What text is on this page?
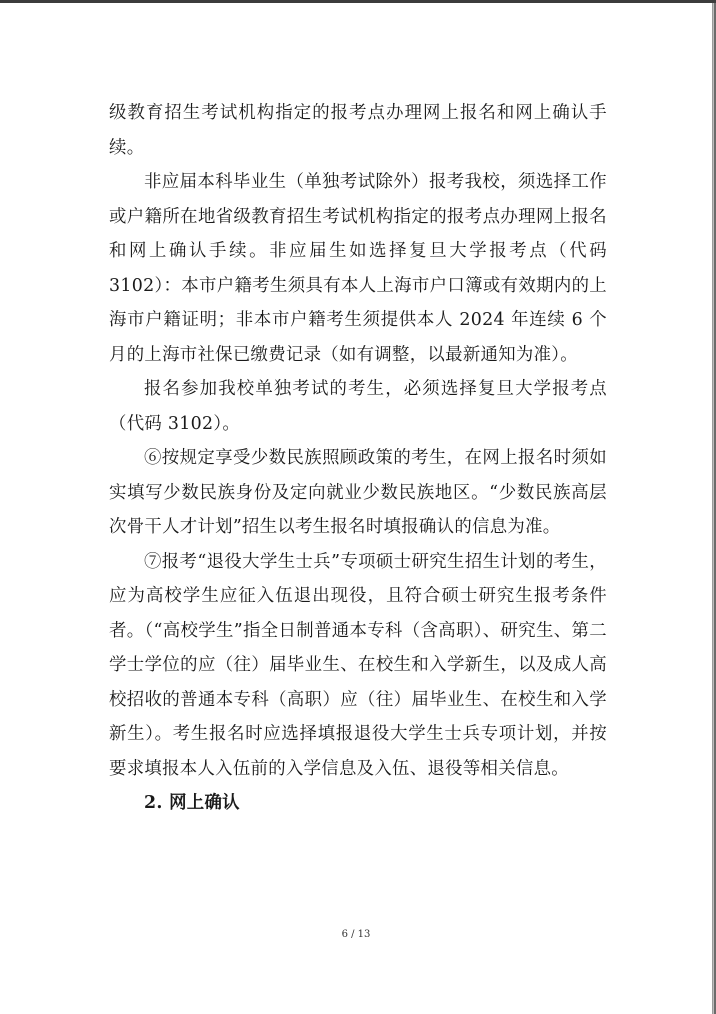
级教育招生考试机构指定的报考点办理网上报名和网上确认手续。

非应届本科毕业生（单独考试除外）报考我校，须选择工作或户籍所在地省级教育招生考试机构指定的报考点办理网上报名和网上确认手续。非应届生如选择复旦大学报考点（代码 3102）：本市户籍考生须具有本人上海市户口簿或有效期内的上海市户籍证明；非本市户籍考生须提供本人 2024 年连续 6 个月的上海市社保已缴费记录（如有调整，以最新通知为准）。

报名参加我校单独考试的考生，必须选择复旦大学报考点（代码 3102）。

⑥按规定享受少数民族照顾政策的考生，在网上报名时须如实填写少数民族身份及定向就业少数民族地区。“少数民族高层次骨干人才计划”招生以考生报名时填报确认的信息为准。

⑦报考“退役大学生士兵”专项硕士研究生招生计划的考生，应为高校学生应征入伍退出现役，且符合硕士研究生报考条件者。（“高校学生”指全日制普通本专科（含高职）、研究生、第二学士学位的应（往）届毕业生、在校生和入学新生，以及成人高校招收的普通本专科（高职）应（往）届毕业生、在校生和入学新生）。考生报名时应选择填报退役大学生士兵专项计划，并按要求填报本人入伍前的入学信息及入伍、退役等相关信息。

2. 网上确认

6 / 13
